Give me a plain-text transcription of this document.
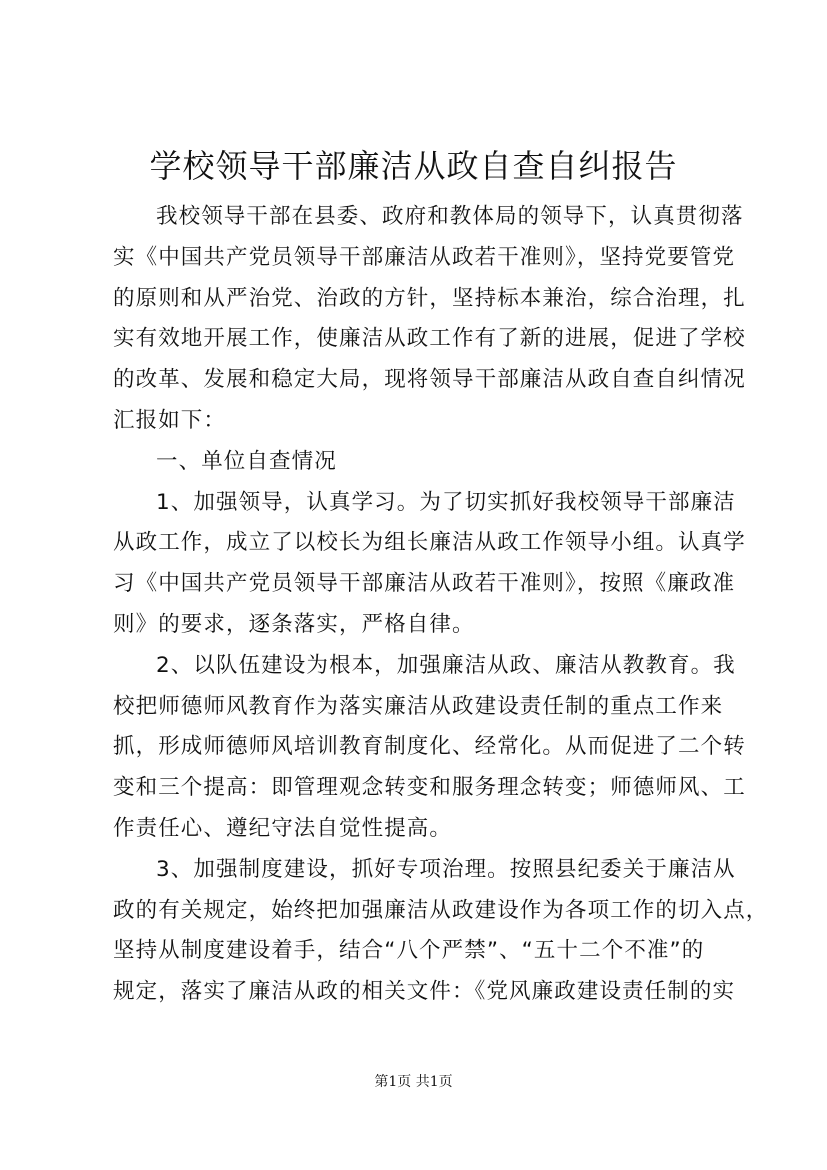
学校领导干部廉洁从政自查自纠报告
我校领导干部在县委、政府和教体局的领导下，认真贯彻落
实《中国共产党员领导干部廉洁从政若干准则》，坚持党要管党
的原则和从严治党、治政的方针，坚持标本兼治，综合治理，扎
实有效地开展工作，使廉洁从政工作有了新的进展，促进了学校
的改革、发展和稳定大局，现将领导干部廉洁从政自查自纠情况
汇报如下：
一、单位自查情况
1、加强领导，认真学习。为了切实抓好我校领导干部廉洁
从政工作，成立了以校长为组长廉洁从政工作领导小组。认真学
习《中国共产党员领导干部廉洁从政若干准则》，按照《廉政准
则》的要求，逐条落实，严格自律。
2、以队伍建设为根本，加强廉洁从政、廉洁从教教育。我
校把师德师风教育作为落实廉洁从政建设责任制的重点工作来
抓，形成师德师风培训教育制度化、经常化。从而促进了二个转
变和三个提高：即管理观念转变和服务理念转变；师德师风、工
作责任心、遵纪守法自觉性提高。
3、加强制度建设，抓好专项治理。按照县纪委关于廉洁从
政的有关规定，始终把加强廉洁从政建设作为各项工作的切入点，
坚持从制度建设着手，结合“八个严禁”、“五十二个不准”的
规定，落实了廉洁从政的相关文件：《党风廉政建设责任制的实
第1页 共1页
